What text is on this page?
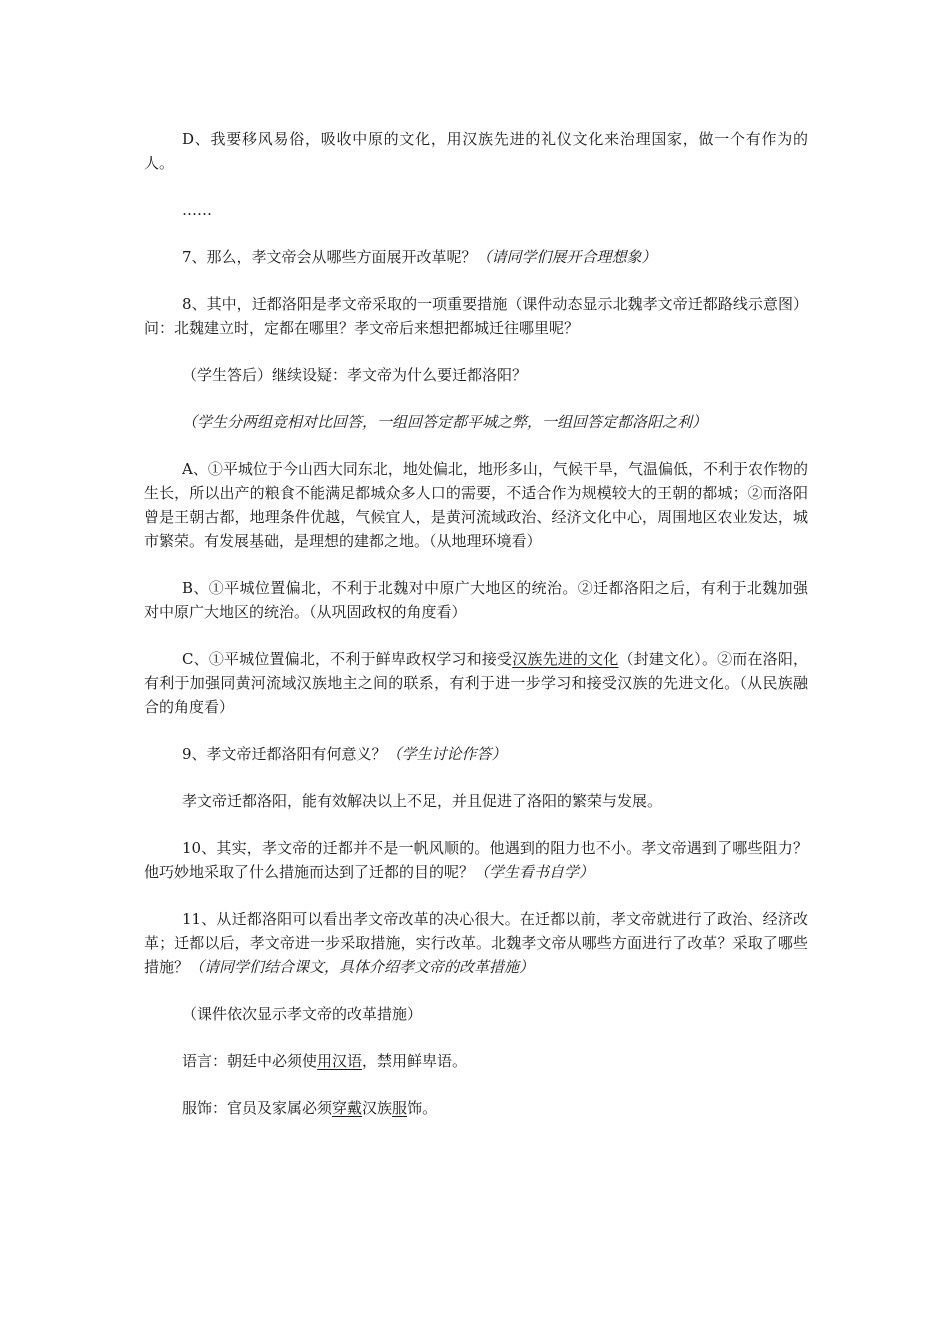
D、我要移风易俗，吸收中原的文化，用汉族先进的礼仪文化来治理国家，做一个有作为的人。

……

7、那么，孝文帝会从哪些方面展开改革呢？（请同学们展开合理想象）

8、其中，迁都洛阳是孝文帝采取的一项重要措施（课件动态显示北魏孝文帝迁都路线示意图）问：北魏建立时，定都在哪里？孝文帝后来想把都城迁往哪里呢？

（学生答后）继续设疑：孝文帝为什么要迁都洛阳？

（学生分两组竞相对比回答，一组回答定都平城之弊，一组回答定都洛阳之利）

A、①平城位于今山西大同东北，地处偏北，地形多山，气候干旱，气温偏低，不利于农作物的生长，所以出产的粮食不能满足都城众多人口的需要，不适合作为规模较大的王朝的都城；②而洛阳曾是王朝古都，地理条件优越，气候宜人，是黄河流域政治、经济文化中心，周围地区农业发达，城市繁荣。有发展基础，是理想的建都之地。（从地理环境看）

B、①平城位置偏北，不利于北魏对中原广大地区的统治。②迁都洛阳之后，有利于北魏加强对中原广大地区的统治。（从巩固政权的角度看）

C、①平城位置偏北，不利于鲜卑政权学习和接受汉族先进的文化（封建文化）。②而在洛阳，有利于加强同黄河流域汉族地主之间的联系，有利于进一步学习和接受汉族的先进文化。（从民族融合的角度看）

9、孝文帝迁都洛阳有何意义？（学生讨论作答）

孝文帝迁都洛阳，能有效解决以上不足，并且促进了洛阳的繁荣与发展。

10、其实，孝文帝的迁都并不是一帆风顺的。他遇到的阻力也不小。孝文帝遇到了哪些阻力？他巧妙地采取了什么措施而达到了迁都的目的呢？（学生看书自学）

11、从迁都洛阳可以看出孝文帝改革的决心很大。在迁都以前，孝文帝就进行了政治、经济改革；迁都以后，孝文帝进一步采取措施，实行改革。北魏孝文帝从哪些方面进行了改革？采取了哪些措施？（请同学们结合课文，具体介绍孝文帝的改革措施）

（课件依次显示孝文帝的改革措施）

语言：朝廷中必须使用汉语，禁用鲜卑语。

服饰：官员及家属必须穿戴汉族服饰。
